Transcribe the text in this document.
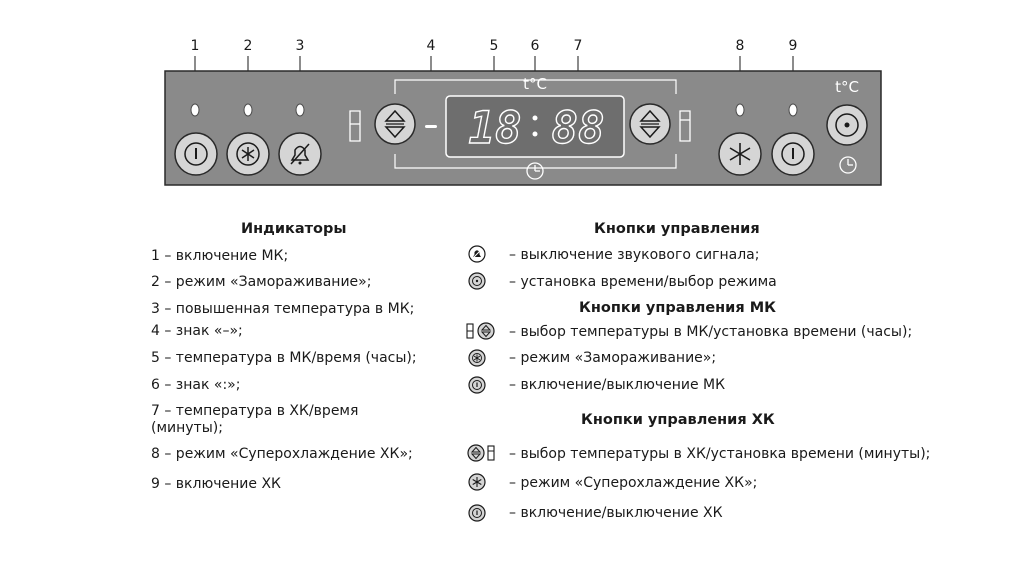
1	2	3	4	5 6 7	8	9
t°C
18 88
t°C
Индикаторы
1 – включение МК;
2 – режим «Замораживание»;
3 – повышенная температура в МК;
4 – знак «–»;
5 – температура в МК/время (часы);
6 – знак «:»;
7 – температура в ХК/время (минуты);
8 – режим «Суперохлаждение ХК»;
9 – включение ХК
Кнопки управления
– выключение звукового сигнала;
– установка времени/выбор режима
Кнопки управления МК
– выбор температуры в МК/установка времени (часы);
– режим «Замораживание»;
– включение/выключение МК
Кнопки управления ХК
– выбор температуры в ХК/установка времени (минуты);
– режим «Суперохлаждение ХК»;
– включение/выключение ХК
